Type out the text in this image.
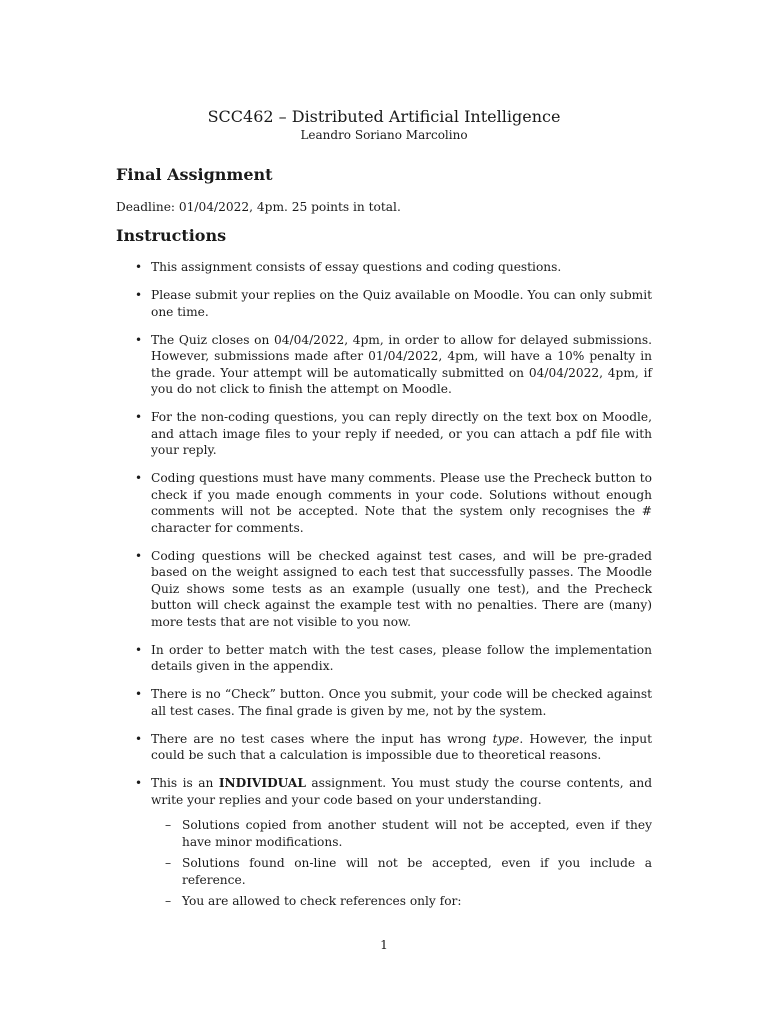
SCC462 – Distributed Artificial Intelligence
Leandro Soriano Marcolino
Final Assignment
Deadline: 01/04/2022, 4pm. 25 points in total.
Instructions
• This assignment consists of essay questions and coding questions.
• Please submit your replies on the Quiz available on Moodle. You can only submit one time.
• The Quiz closes on 04/04/2022, 4pm, in order to allow for delayed submissions. However, submissions made after 01/04/2022, 4pm, will have a 10% penalty in the grade. Your attempt will be automatically submitted on 04/04/2022, 4pm, if you do not click to finish the attempt on Moodle.
• For the non-coding questions, you can reply directly on the text box on Moodle, and attach image files to your reply if needed, or you can attach a pdf file with your reply.
• Coding questions must have many comments. Please use the Precheck button to check if you made enough comments in your code. Solutions without enough comments will not be accepted. Note that the system only recognises the # character for comments.
• Coding questions will be checked against test cases, and will be pre-graded based on the weight assigned to each test that successfully passes. The Moodle Quiz shows some tests as an example (usually one test), and the Precheck button will check against the example test with no penalties. There are (many) more tests that are not visible to you now.
• In order to better match with the test cases, please follow the implementation details given in the appendix.
• There is no “Check” button. Once you submit, your code will be checked against all test cases. The final grade is given by me, not by the system.
• There are no test cases where the input has wrong type. However, the input could be such that a calculation is impossible due to theoretical reasons.
• This is an INDIVIDUAL assignment. You must study the course contents, and write your replies and your code based on your understanding.
– Solutions copied from another student will not be accepted, even if they have minor modifications.
– Solutions found on-line will not be accepted, even if you include a reference.
– You are allowed to check references only for:
1
